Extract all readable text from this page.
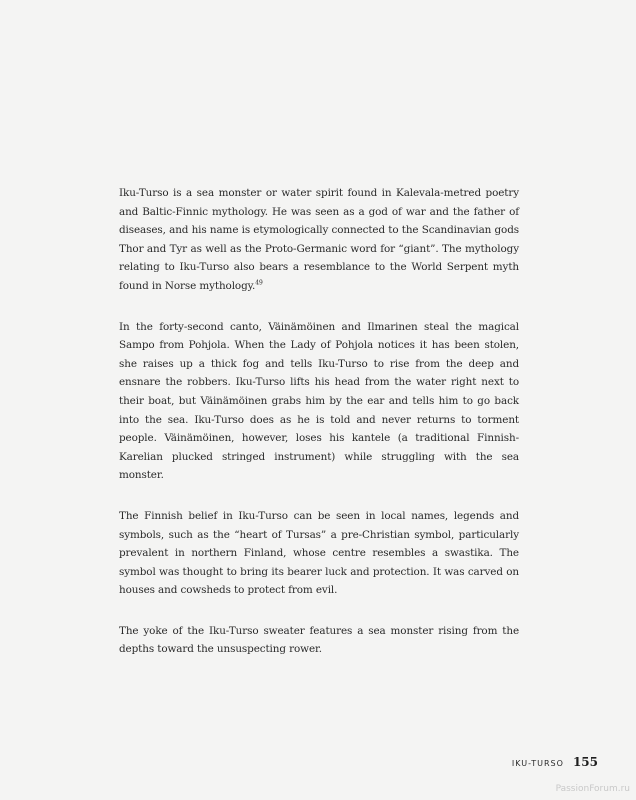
Iku-Turso is a sea monster or water spirit found in Kalevala-metred poetry and Baltic-Finnic mythology. He was seen as a god of war and the father of diseases, and his name is etymologically connected to the Scandinavian gods Thor and Tyr as well as the Proto-Germanic word for “giant”. The mythology relating to Iku-Turso also bears a resemblance to the World Serpent myth found in Norse mythology.$^{49}$

In the forty-second canto, Väinämöinen and Ilmarinen steal the magical Sampo from Pohjola. When the Lady of Pohjola notices it has been stolen, she raises up a thick fog and tells Iku-Turso to rise from the deep and ensnare the robbers. Iku-Turso lifts his head from the water right next to their boat, but Väinämöinen grabs him by the ear and tells him to go back into the sea. Iku-Turso does as he is told and never returns to torment people. Väinämöinen, however, loses his kantele (a traditional Finnish-Karelian plucked stringed instrument) while struggling with the sea monster.

The Finnish belief in Iku-Turso can be seen in local names, legends and symbols, such as the “heart of Tursas” a pre-Christian symbol, particularly prevalent in northern Finland, whose centre resembles a swastika. The symbol was thought to bring its bearer luck and protection. It was carved on houses and cowsheds to protect from evil.

The yoke of the Iku-Turso sweater features a sea monster rising from the depths toward the unsuspecting rower.

IKU-TURSO 155
PassionForum.ru
